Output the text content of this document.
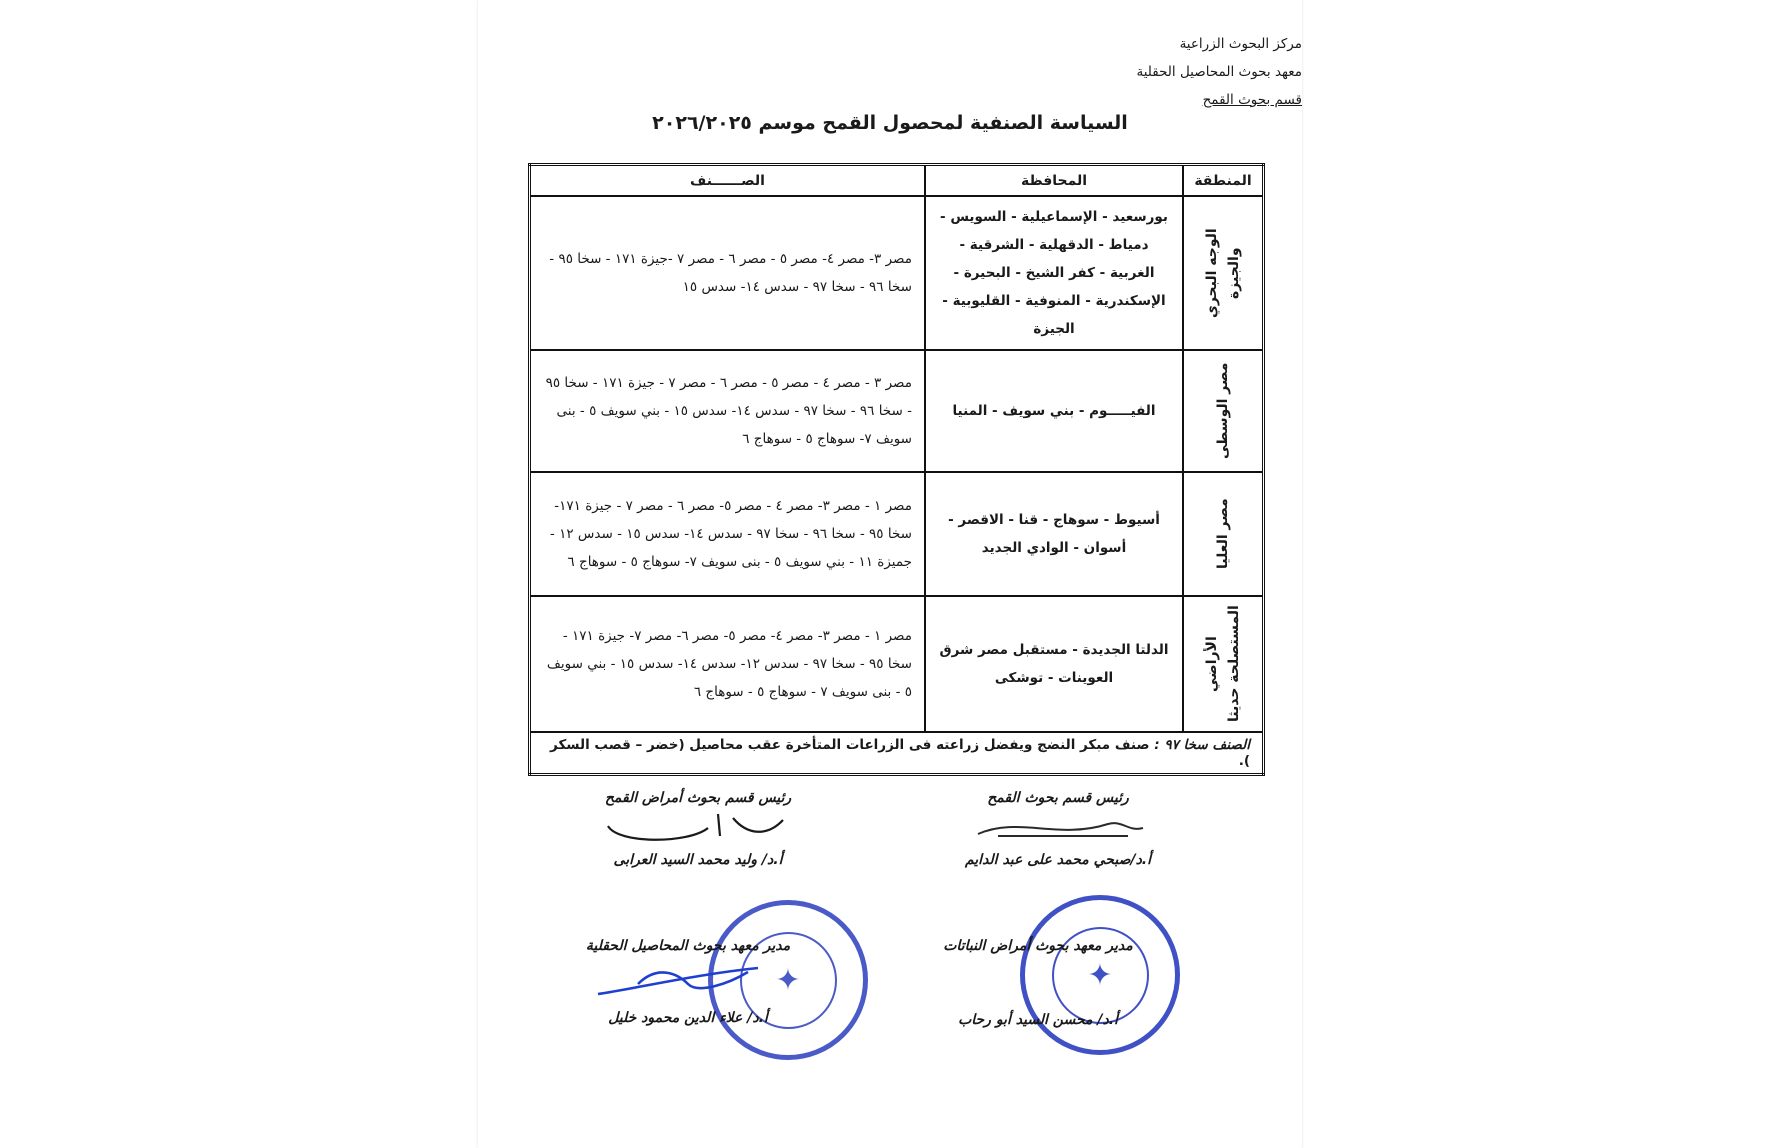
مركز البحوث الزراعية
معهد بحوث المحاصيل الحقلية
قسم بحوث القمح
السياسة الصنفية لمحصول القمح موسم ٢٠٢٦/٢٠٢٥
المنطقة	المحافظة	الصــــــنف

الوجه البحري والجيزة	بورسعيد - الإسماعيلية - السويس - دمياط - الدقهلية - الشرقية - الغربية - كفر الشيخ - البحيرة - الإسكندرية - المنوفية - القليوبية - الجيزة	مصر ٣- مصر ٤- مصر ٥ - مصر ٦ - مصر ٧ -جيزة ١٧١ - سخا ٩٥ - سخا ٩٦ - سخا ٩٧ - سدس ١٤- سدس ١٥

مصر الوسطى	الفيـــــوم - بني سويف - المنيا	مصر ٣ - مصر ٤ - مصر ٥ - مصر ٦ - مصر ٧ - جيزة ١٧١ - سخا ٩٥ - سخا ٩٦ - سخا ٩٧ - سدس ١٤- سدس ١٥ - بني سويف ٥ - بنى سويف ٧- سوهاج ٥ - سوهاج ٦

مصر العليا	أسيوط - سوهاج - قنا - الاقصر - أسوان - الوادي الجديد	مصر ١ - مصر ٣- مصر ٤ - مصر ٥- مصر ٦ - مصر ٧ - جيزة ١٧١- سخا ٩٥ - سخا ٩٦ - سخا ٩٧ - سدس ١٤- سدس ١٥ - سدس ١٢ - جميزة ١١ - بني سويف ٥ - بنى سويف ٧- سوهاج ٥ - سوهاج ٦

الأراضي المستصلحة حديثا	الدلتا الجديدة - مستقبل مصر شرق العوينات - توشكى	مصر ١ - مصر ٣- مصر ٤- مصر ٥- مصر ٦- مصر ٧- جيزة ١٧١ - سخا ٩٥ - سخا ٩٧ - سدس ١٢- سدس ١٤- سدس ١٥ - بني سويف ٥ - بنى سويف ٧ - سوهاج ٥ - سوهاج ٦
الصنف سخا ٩٧ : صنف مبكر النضج ويفضل زراعته فى الزراعات المتأخرة عقب محاصيل (خضر – قصب السكر ).		
رئيس قسم بحوث القمح
أ.د/صبحي محمد على عبد الدايم
رئيس قسم بحوث أمراض القمح
أ.د/ وليد محمد السيد العرابى
✦	✦
مدير معهد بحوث أمراض النباتات
أ.د/ محسن السيد أبو رحاب
مدير معهد بحوث المحاصيل الحقلية
أ.د/ علاء الدين محمود خليل
